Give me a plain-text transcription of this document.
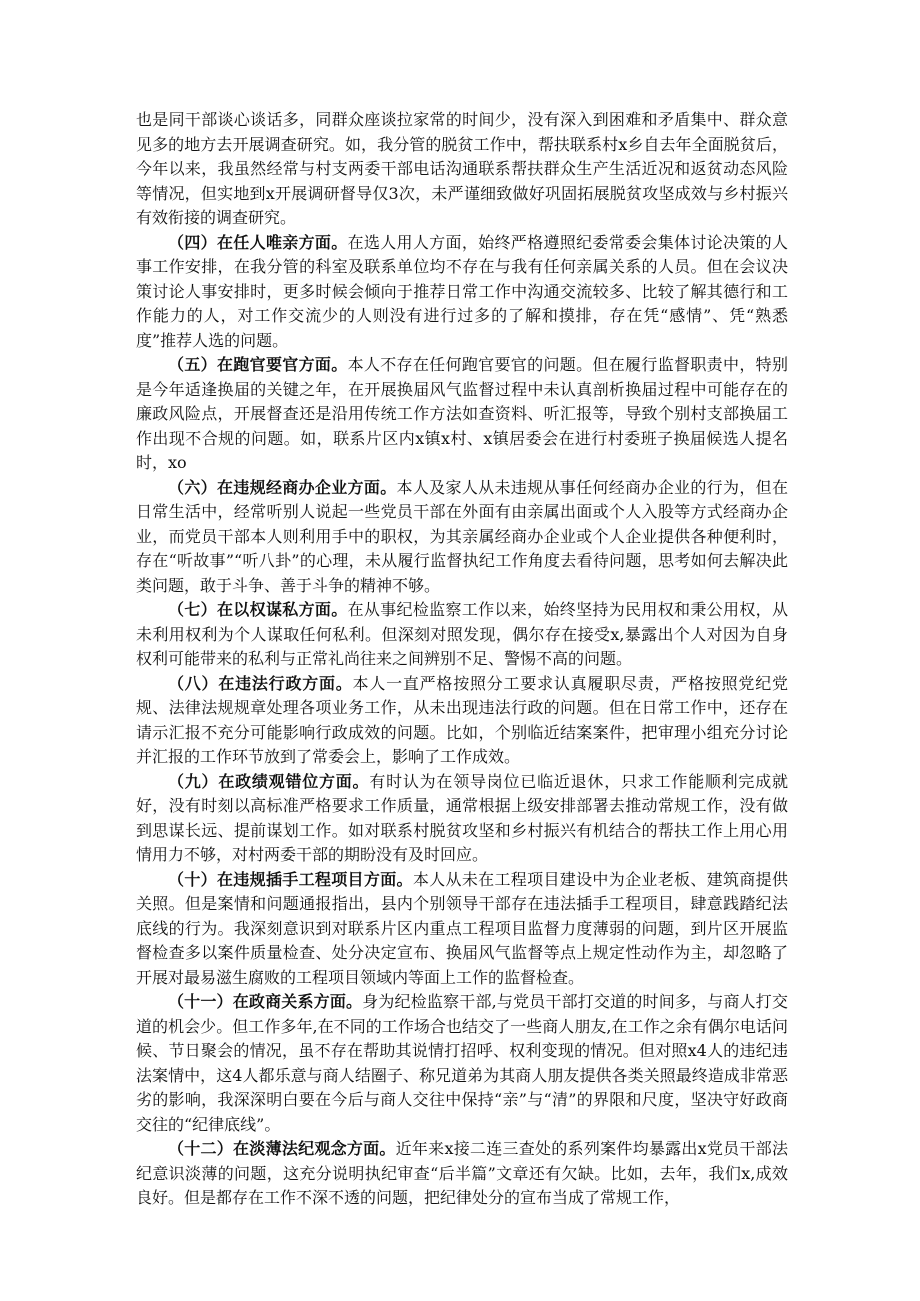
也是同干部谈心谈话多，同群众座谈拉家常的时间少，没有深入到困难和矛盾集中、群众意见多的地方去开展调查研究。如，我分管的脱贫工作中，帮扶联系村x乡自去年全面脱贫后，今年以来，我虽然经常与村支两委干部电话沟通联系帮扶群众生产生活近况和返贫动态风险等情况，但实地到x开展调研督导仅3次，未严谨细致做好巩固拓展脱贫攻坚成效与乡村振兴有效衔接的调查研究。

（四）在任人唯亲方面。在选人用人方面，始终严格遵照纪委常委会集体讨论决策的人事工作安排，在我分管的科室及联系单位均不存在与我有任何亲属关系的人员。但在会议决策讨论人事安排时，更多时候会倾向于推荐日常工作中沟通交流较多、比较了解其德行和工作能力的人，对工作交流少的人则没有进行过多的了解和摸排，存在凭“感情”、凭“熟悉度”推荐人选的问题。

（五）在跑官要官方面。本人不存在任何跑官要官的问题。但在履行监督职责中，特别是今年适逢换届的关键之年，在开展换届风气监督过程中未认真剖析换届过程中可能存在的廉政风险点，开展督查还是沿用传统工作方法如查资料、听汇报等，导致个别村支部换届工作出现不合规的问题。如，联系片区内x镇x村、x镇居委会在进行村委班子换届候选人提名时，xo

（六）在违规经商办企业方面。本人及家人从未违规从事任何经商办企业的行为，但在日常生活中，经常听别人说起一些党员干部在外面有由亲属出面或个人入股等方式经商办企业，而党员干部本人则利用手中的职权，为其亲属经商办企业或个人企业提供各种便利时，存在“听故事”“听八卦”的心理，未从履行监督执纪工作角度去看待问题，思考如何去解决此类问题，敢于斗争、善于斗争的精神不够。

（七）在以权谋私方面。在从事纪检监察工作以来，始终坚持为民用权和秉公用权，从未利用权利为个人谋取任何私利。但深刻对照发现，偶尔存在接受x,暴露出个人对因为自身权利可能带来的私利与正常礼尚往来之间辨别不足、警惕不高的问题。

（八）在违法行政方面。本人一直严格按照分工要求认真履职尽责，严格按照党纪党规、法律法规规章处理各项业务工作，从未出现违法行政的问题。但在日常工作中，还存在请示汇报不充分可能影响行政成效的问题。比如，个别临近结案案件，把审理小组充分讨论并汇报的工作环节放到了常委会上，影响了工作成效。

（九）在政绩观错位方面。有时认为在领导岗位已临近退休，只求工作能顺利完成就好，没有时刻以高标准严格要求工作质量，通常根据上级安排部署去推动常规工作，没有做到思谋长远、提前谋划工作。如对联系村脱贫攻坚和乡村振兴有机结合的帮扶工作上用心用情用力不够，对村两委干部的期盼没有及时回应。

（十）在违规插手工程项目方面。本人从未在工程项目建设中为企业老板、建筑商提供关照。但是案情和问题通报指出，县内个别领导干部存在违法插手工程项目，肆意践踏纪法底线的行为。我深刻意识到对联系片区内重点工程项目监督力度薄弱的问题，到片区开展监督检查多以案件质量检查、处分决定宣布、换届风气监督等点上规定性动作为主，却忽略了开展对最易滋生腐败的工程项目领域内等面上工作的监督检查。

（十一）在政商关系方面。身为纪检监察干部,与党员干部打交道的时间多，与商人打交道的机会少。但工作多年,在不同的工作场合也结交了一些商人朋友,在工作之余有偶尔电话问候、节日聚会的情况，虽不存在帮助其说情打招呼、权利变现的情况。但对照x4人的违纪违法案情中，这4人都乐意与商人结圈子、称兄道弟为其商人朋友提供各类关照最终造成非常恶劣的影响，我深深明白要在今后与商人交往中保持“亲”与“清”的界限和尺度，坚决守好政商交往的“纪律底线”。

（十二）在淡薄法纪观念方面。近年来x接二连三查处的系列案件均暴露出x党员干部法纪意识淡薄的问题，这充分说明执纪审查“后半篇”文章还有欠缺。比如，去年，我们x,成效良好。但是都存在工作不深不透的问题，把纪律处分的宣布当成了常规工作，
